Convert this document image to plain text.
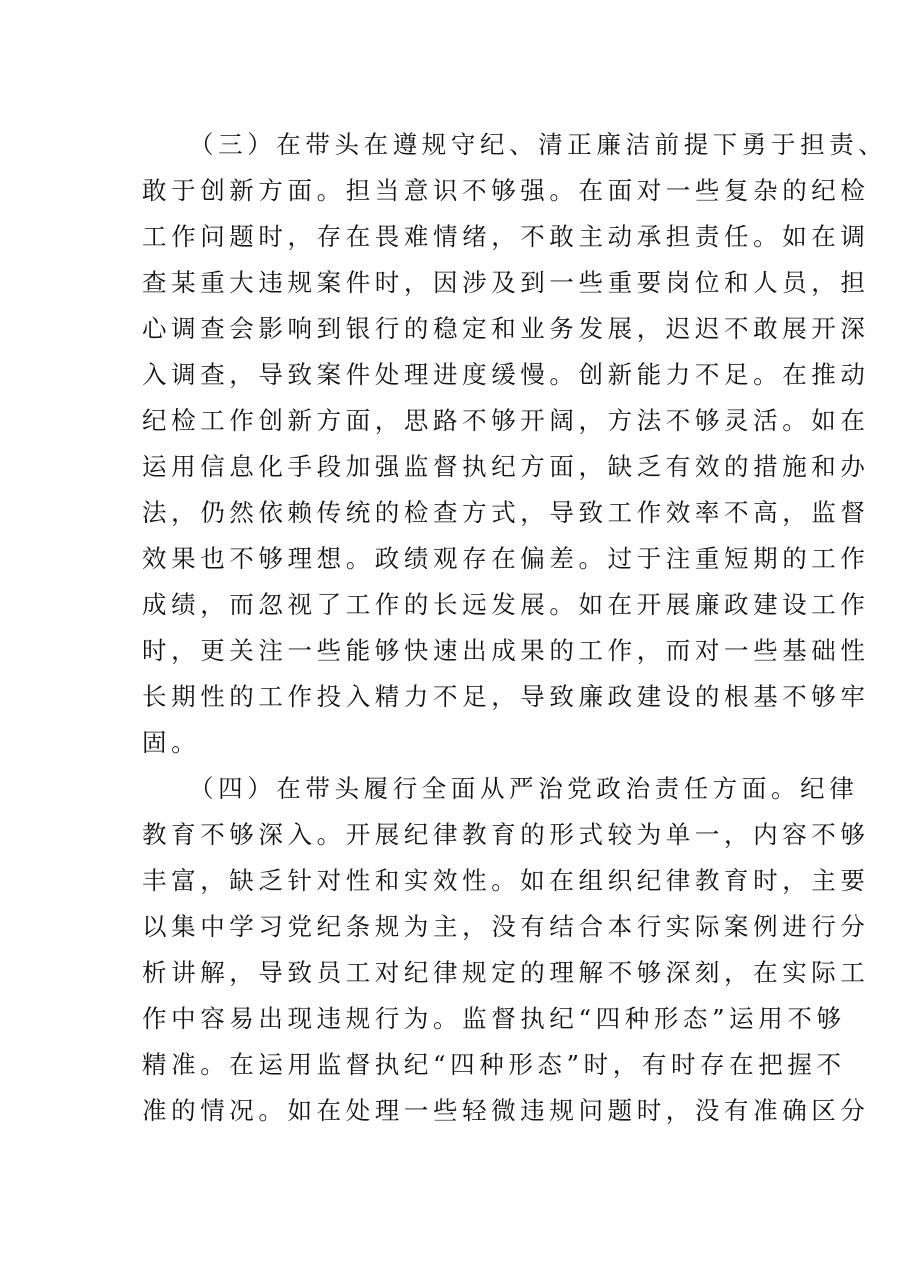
（三）在带头在遵规守纪、清正廉洁前提下勇于担责、
敢于创新方面。担当意识不够强。在面对一些复杂的纪检
工作问题时，存在畏难情绪，不敢主动承担责任。如在调
查某重大违规案件时，因涉及到一些重要岗位和人员，担
心调查会影响到银行的稳定和业务发展，迟迟不敢展开深
入调查，导致案件处理进度缓慢。创新能力不足。在推动
纪检工作创新方面，思路不够开阔，方法不够灵活。如在
运用信息化手段加强监督执纪方面，缺乏有效的措施和办
法，仍然依赖传统的检查方式，导致工作效率不高，监督
效果也不够理想。政绩观存在偏差。过于注重短期的工作
成绩，而忽视了工作的长远发展。如在开展廉政建设工作
时，更关注一些能够快速出成果的工作，而对一些基础性
长期性的工作投入精力不足，导致廉政建设的根基不够牢
固。
（四）在带头履行全面从严治党政治责任方面。纪律
教育不够深入。开展纪律教育的形式较为单一，内容不够
丰富，缺乏针对性和实效性。如在组织纪律教育时，主要
以集中学习党纪条规为主，没有结合本行实际案例进行分
析讲解，导致员工对纪律规定的理解不够深刻，在实际工
作中容易出现违规行为。监督执纪“四种形态”运用不够
精准。在运用监督执纪“四种形态”时，有时存在把握不
准的情况。如在处理一些轻微违规问题时，没有准确区分
